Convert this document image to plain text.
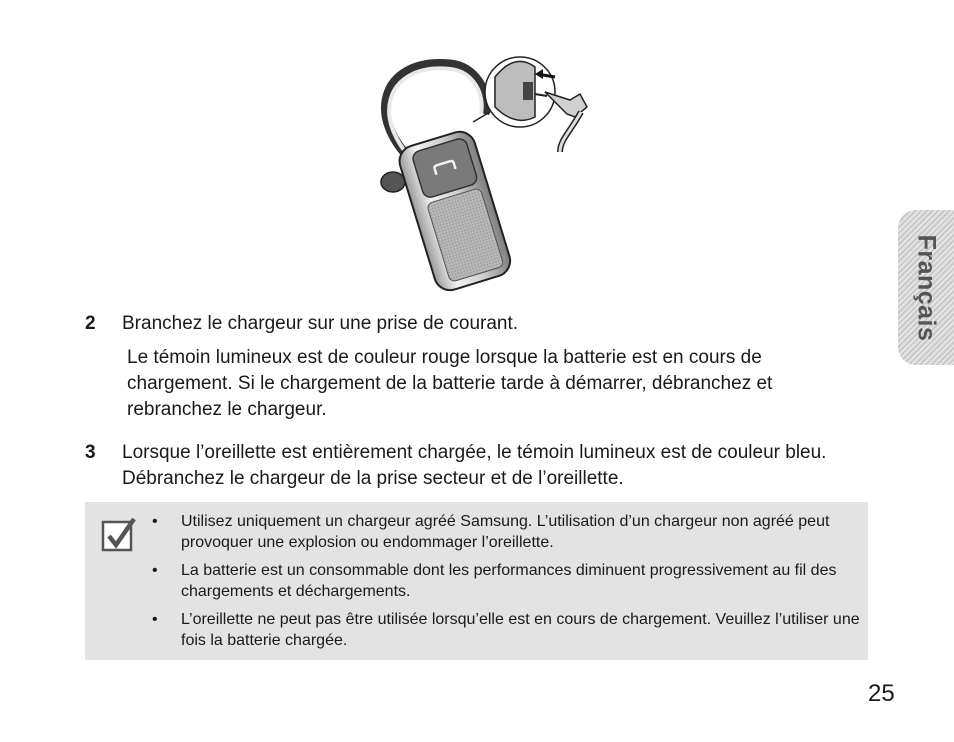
2	Branchez le chargeur sur une prise de courant.
Le témoin lumineux est de couleur rouge lorsque la batterie est en cours de chargement. Si le chargement de la batterie tarde à démarrer, débranchez et rebranchez le chargeur.
3	Lorsque l’oreillette est entièrement chargée, le témoin lumineux est de couleur bleu. Débranchez le chargeur de la prise secteur et de l’oreillette.
• Utilisez uniquement un chargeur agréé Samsung. L’utilisation d’un chargeur non agréé peut provoquer une explosion ou endommager l’oreillette.
• La batterie est un consommable dont les performances diminuent progressivement au fil des chargements et déchargements.
• L’oreillette ne peut pas être utilisée lorsqu’elle est en cours de chargement. Veuillez l’utiliser une fois la batterie chargée.
Français
25
